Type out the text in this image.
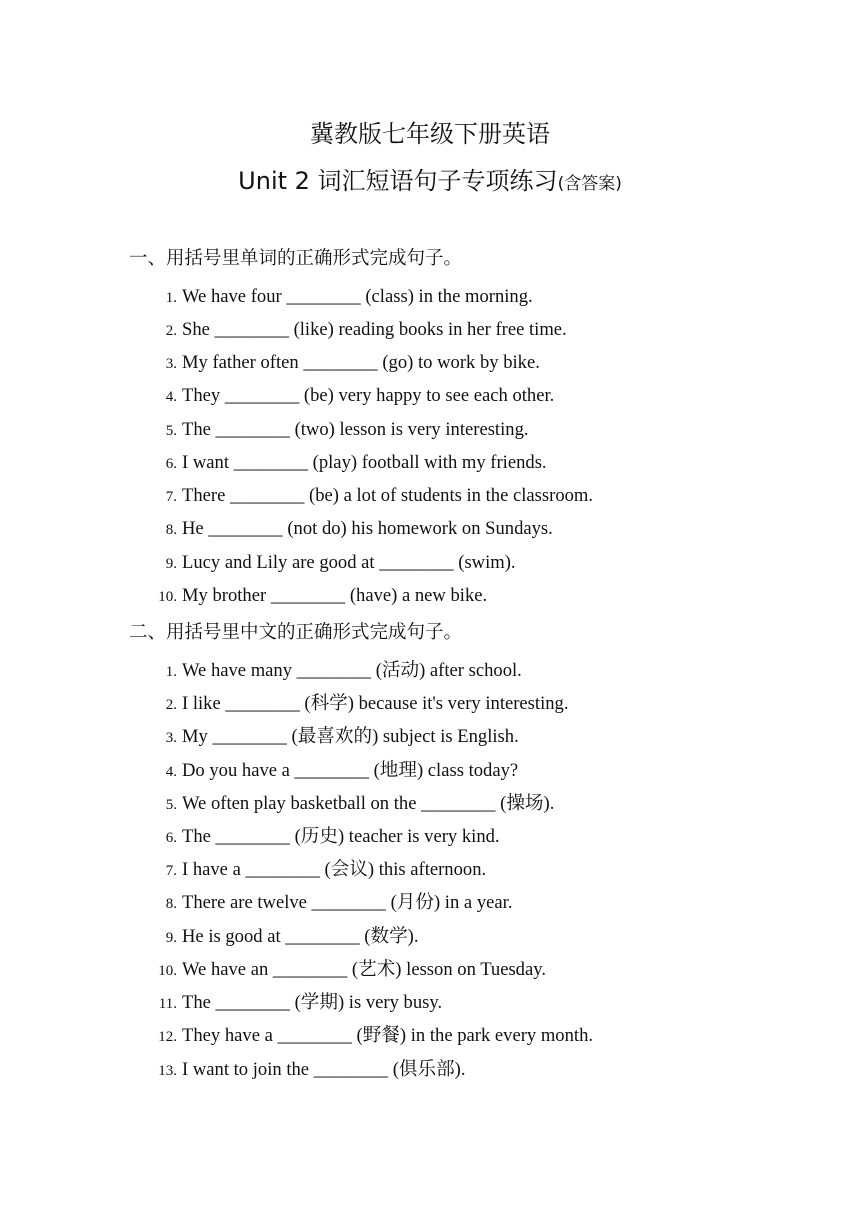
冀教版七年级下册英语
Unit 2 词汇短语句子专项练习(含答案)
一、用括号里单词的正确形式完成句子。
1. We have four ________ (class) in the morning.
2. She ________ (like) reading books in her free time.
3. My father often ________ (go) to work by bike.
4. They ________ (be) very happy to see each other.
5. The ________ (two) lesson is very interesting.
6. I want ________ (play) football with my friends.
7. There ________ (be) a lot of students in the classroom.
8. He ________ (not do) his homework on Sundays.
9. Lucy and Lily are good at ________ (swim).
10. My brother ________ (have) a new bike.
二、用括号里中文的正确形式完成句子。
1. We have many ________ (活动) after school.
2. I like ________ (科学) because it's very interesting.
3. My ________ (最喜欢的) subject is English.
4. Do you have a ________ (地理) class today?
5. We often play basketball on the ________ (操场).
6. The ________ (历史) teacher is very kind.
7. I have a ________ (会议) this afternoon.
8. There are twelve ________ (月份) in a year.
9. He is good at ________ (数学).
10. We have an ________ (艺术) lesson on Tuesday.
11. The ________ (学期) is very busy.
12. They have a ________ (野餐) in the park every month.
13. I want to join the ________ (俱乐部).
